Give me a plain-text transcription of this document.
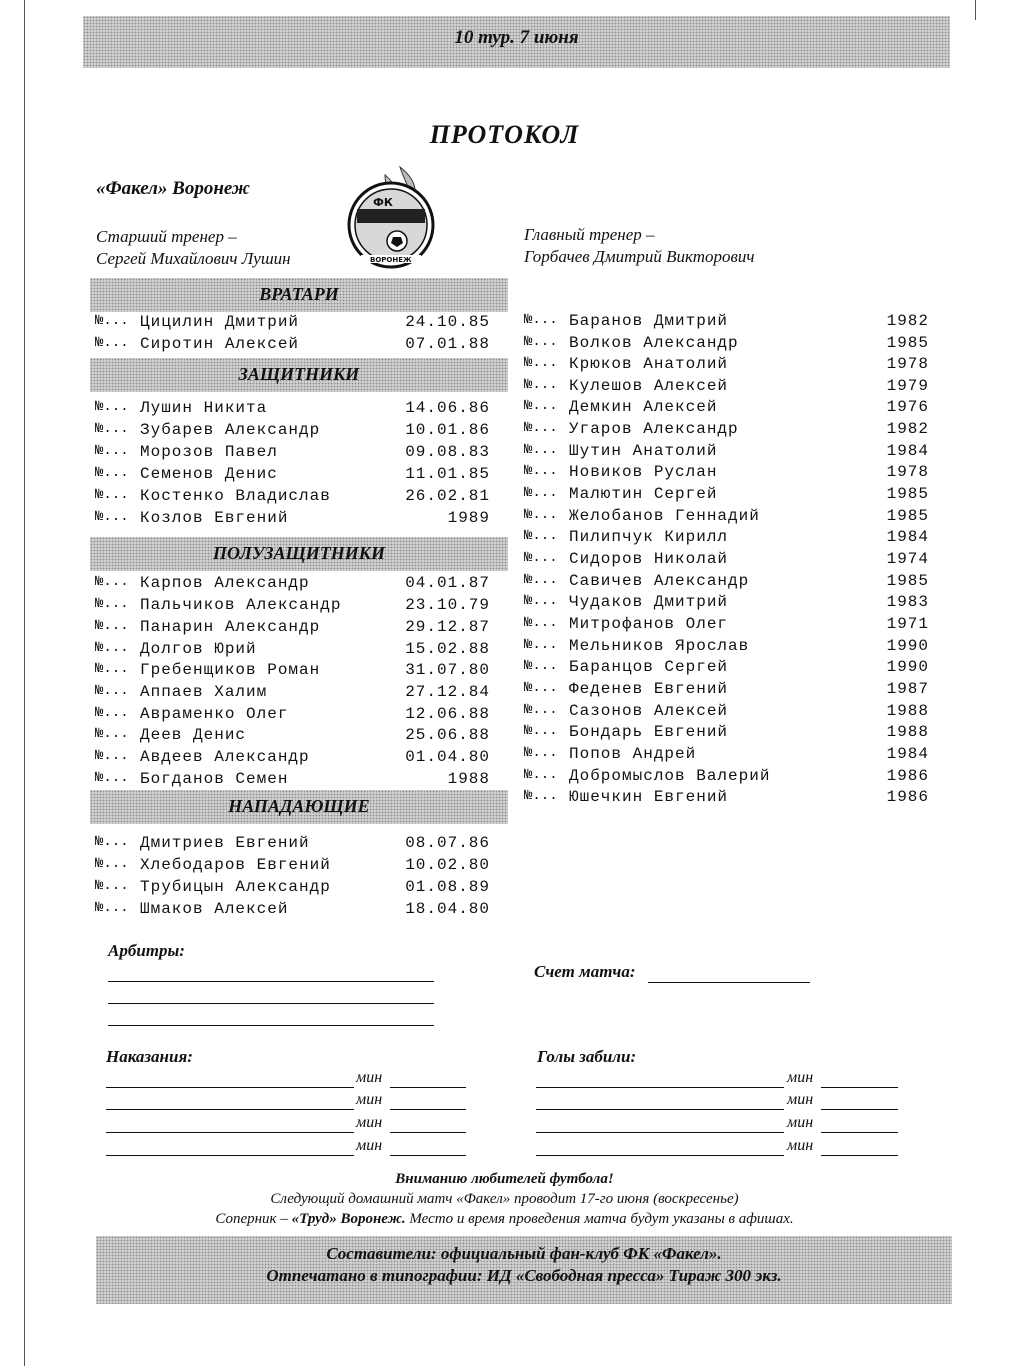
10 тур. 7 июня
ПРОТОКОЛ
«Факел» Воронеж
Старший тренер –
Сергей Михайлович Лушин
Главный тренер –
Горбачев Дмитрий Викторович
ФК
ВОРОНЕЖ
ВРАТАРИ
ЗАЩИТНИКИ
ПОЛУЗАЩИТНИКИ
НАПАДАЮЩИЕ
№... Цицилин Дмитрий	24.10.85
№... Сиротин Алексей	07.01.88
№... Лушин Никита	14.06.86
№... Зубарев Александр	10.01.86
№... Морозов Павел	09.08.83
№... Семенов Денис	11.01.85
№... Костенко Владислав	26.02.81
№... Козлов Евгений	1989
№... Карпов Александр	04.01.87
№... Пальчиков Александр	23.10.79
№... Панарин Александр	29.12.87
№... Долгов Юрий	15.02.88
№... Гребенщиков Роман	31.07.80
№... Аппаев Халим	27.12.84
№... Авраменко Олег	12.06.88
№... Деев Денис	25.06.88
№... Авдеев Александр	01.04.80
№... Богданов Семен	1988
№... Дмитриев Евгений	08.07.86
№... Хлебодаров Евгений	10.02.80
№... Трубицын Александр	01.08.89
№... Шмаков Алексей	18.04.80
№... Баранов Дмитрий	1982
№... Волков Александр	1985
№... Крюков Анатолий	1978
№... Кулешов Алексей	1979
№... Демкин Алексей	1976
№... Угаров Александр	1982
№... Шутин Анатолий	1984
№... Новиков Руслан	1978
№... Малютин Сергей	1985
№... Желобанов Геннадий	1985
№... Пилипчук Кирилл	1984
№... Сидоров Николай	1974
№... Савичев Александр	1985
№... Чудаков Дмитрий	1983
№... Митрофанов Олег	1971
№... Мельников Ярослав	1990
№... Баранцов Сергей	1990
№... Феденев Евгений	1987
№... Сазонов Алексей	1988
№... Бондарь Евгений	1988
№... Попов Андрей	1984
№... Добромыслов Валерий	1986
№... Юшечкин Евгений	1986
Арбитры:
Счет матча:
Наказания:
мин
мин
мин
мин
Голы забили:
мин
мин
мин
мин
Вниманию любителей футбола!
Следующий домашний матч «Факел» проводит 17-го июня (воскресенье)
Соперник – «Труд» Воронеж. Место и время проведения матча будут указаны в афишах.
Составители: официальный фан-клуб ФК «Факел».
Отпечатано в типографии: ИД «Свободная пресса» Тираж 300 экз.
